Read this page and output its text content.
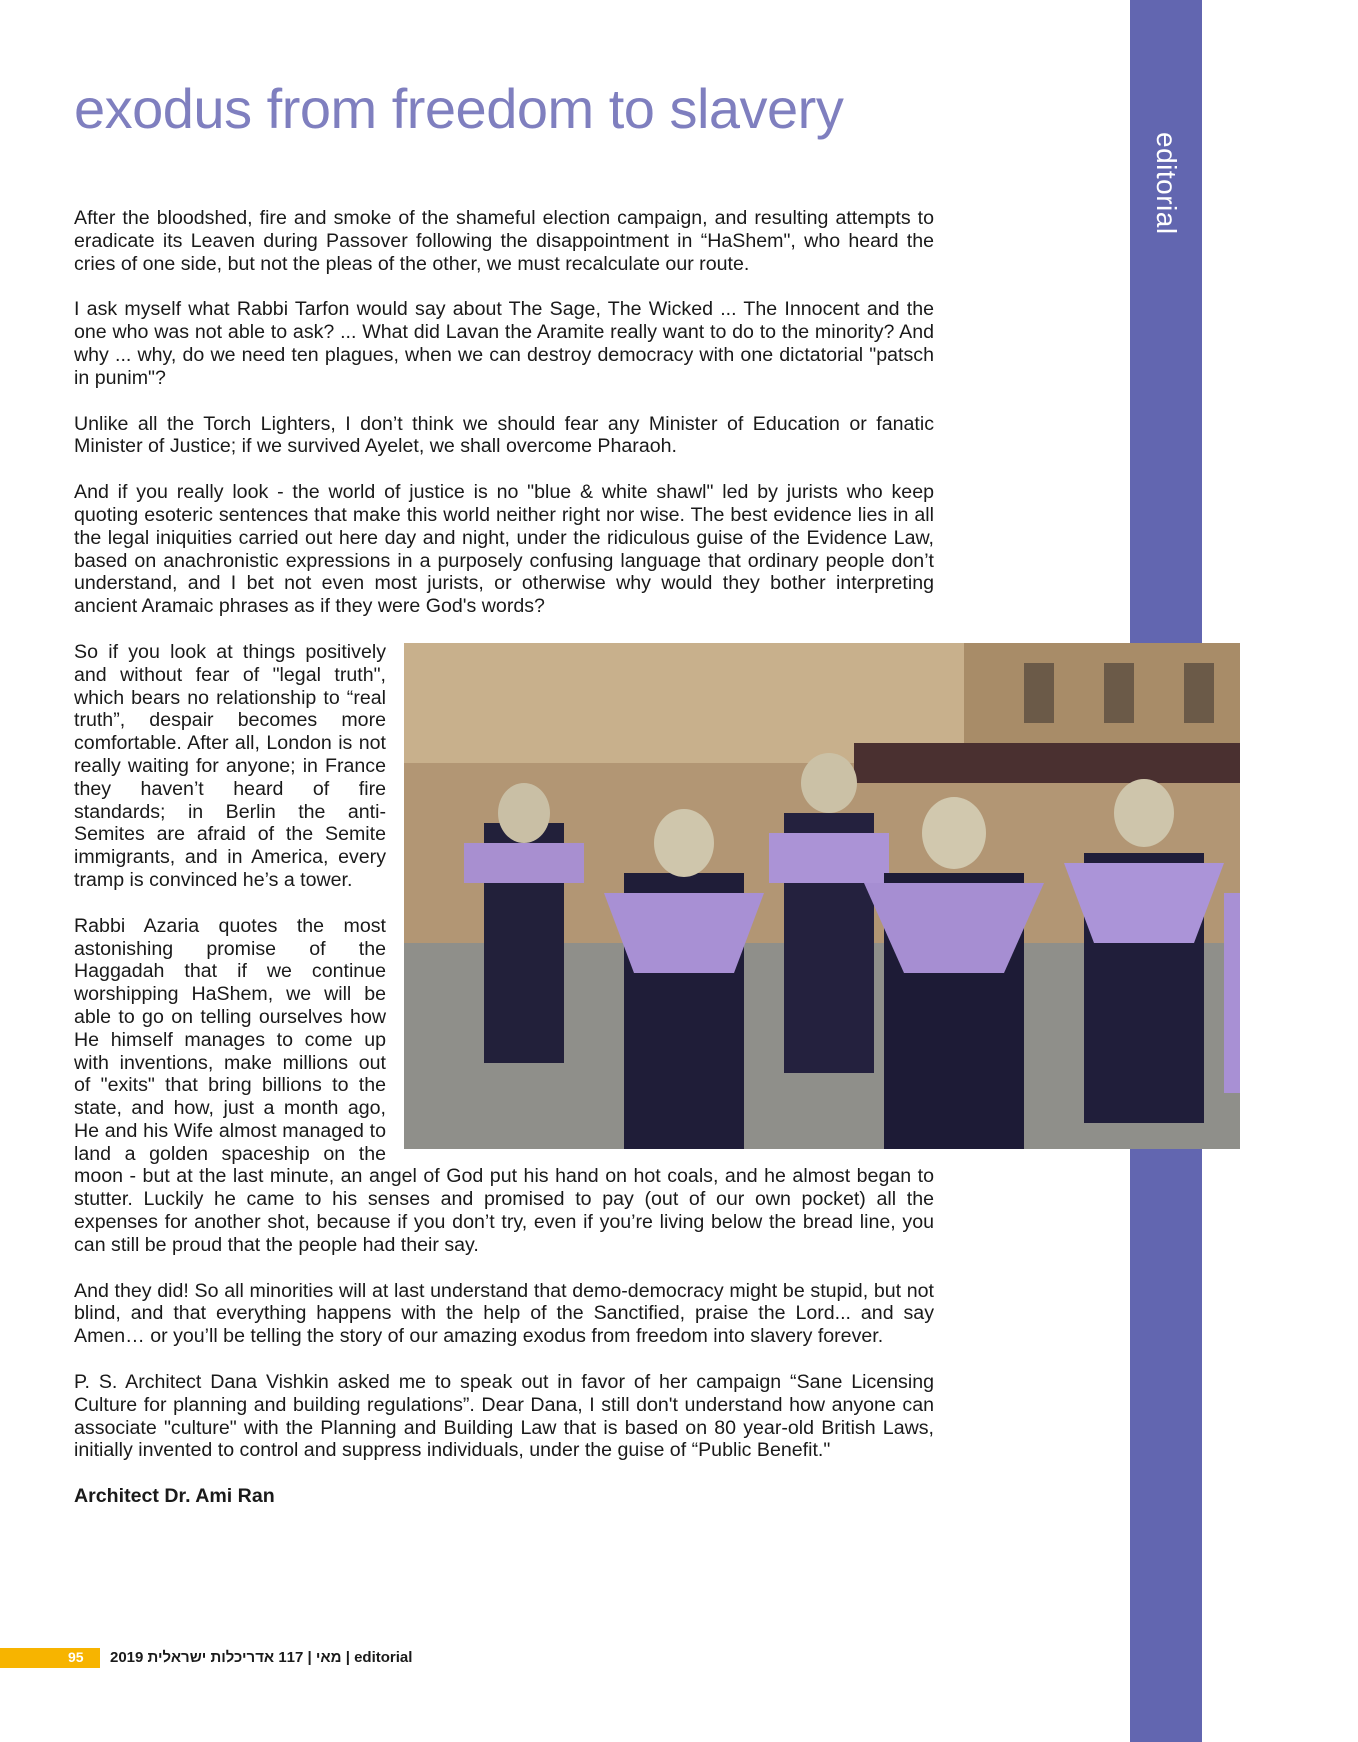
editorial
exodus from freedom to slavery

After the bloodshed, fire and smoke of the shameful election campaign, and resulting attempts to eradicate its Leaven during Passover following the disappointment in “HaShem", who heard the cries of one side, but not the pleas of the other, we must recalculate our route.

I ask myself what Rabbi Tarfon would say about The Sage, The Wicked ... The Innocent and the one who was not able to ask? ... What did Lavan the Aramite really want to do to the minority? And why ... why, do we need ten plagues, when we can destroy democracy with one dictatorial "patsch in punim"?

Unlike all the Torch Lighters, I don’t think we should fear any Minister of Education or fanatic Minister of Justice; if we survived Ayelet, we shall overcome Pharaoh.

And if you really look - the world of justice is no "blue & white shawl" led by jurists who keep quoting esoteric sentences that make this world neither right nor wise. The best evidence lies in all the legal iniquities carried out here day and night, under the ridiculous guise of the Evidence Law, based on anachronistic expressions in a purposely confusing language that ordinary people don’t understand, and I bet not even most jurists, or otherwise why would they bother interpreting ancient Aramaic phrases as if they were God's words?

So if you look at things positively and without fear of "legal truth", which bears no relationship to “real truth”, despair becomes more comfortable. After all, London is not really waiting for anyone; in France they haven’t heard of fire standards; in Berlin the anti-Semites are afraid of the Semite immigrants, and in America, every tramp is convinced he’s a tower.

Rabbi Azaria quotes the most astonishing promise of the Haggadah that if we continue worshipping HaShem, we will be able to go on telling ourselves how He himself manages to come up with inventions, make millions out of "exits" that bring billions to the state, and how, just a month ago, He and his Wife almost managed to land a golden spaceship on the moon - but at the last minute, an angel of God put his hand on hot coals, and he almost began to stutter. Luckily he came to his senses and promised to pay (out of our own pocket) all the expenses for another shot, because if you don’t try, even if you’re living below the bread line, you can still be proud that the people had their say.

And they did! So all minorities will at last understand that demo-democracy might be stupid, but not blind, and that everything happens with the help of the Sanctified, praise the Lord... and say Amen… or you’ll be telling the story of our amazing exodus from freedom into slavery forever.

P. S. Architect Dana Vishkin asked me to speak out in favor of her campaign “Sane Licensing Culture for planning and building regulations”. Dear Dana, I still don't understand how anyone can associate "culture" with the Planning and Building Law that is based on 80 year-old British Laws, initially invented to control and suppress individuals, under the guise of “Public Benefit."

Architect Dr. Ami Ran

95 2019 מאי | 117 אדריכלות ישראלית | editorial
